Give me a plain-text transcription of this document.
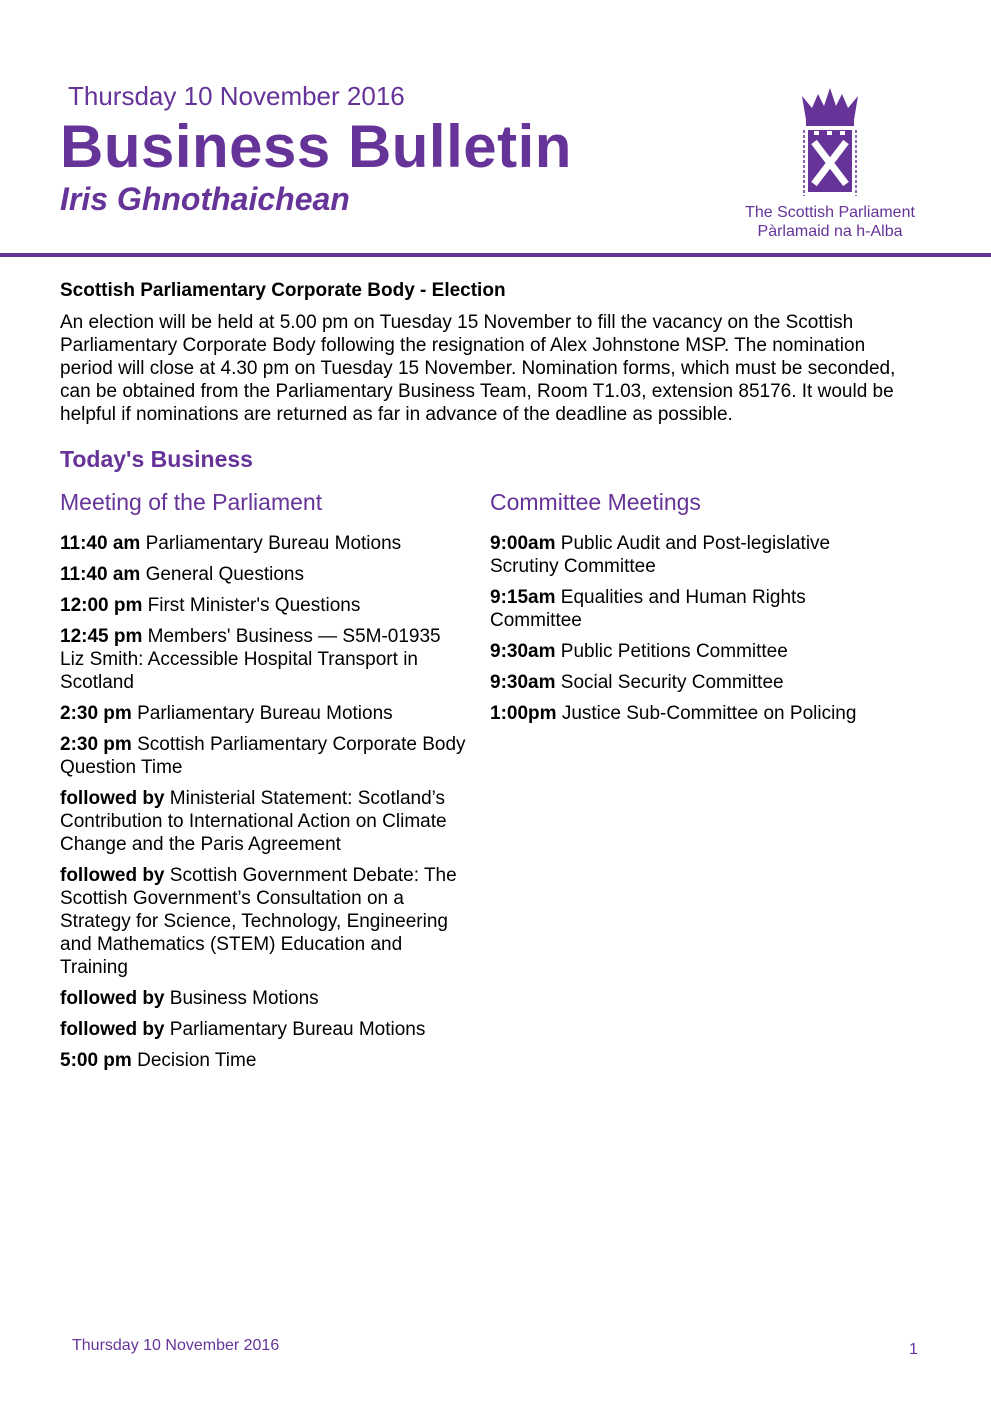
Thursday 10 November 2016
Business Bulletin
Iris Ghnothaichean	The Scottish Parliament
Pàrlamaid na h-Alba
Scottish Parliamentary Corporate Body - Election

An election will be held at 5.00 pm on Tuesday 15 November to fill the vacancy on the Scottish Parliamentary Corporate Body following the resignation of Alex Johnstone MSP. The nomination period will close at 4.30 pm on Tuesday 15 November. Nomination forms, which must be seconded, can be obtained from the Parliamentary Business Team, Room T1.03, extension 85176. It would be helpful if nominations are returned as far in advance of the deadline as possible.

Today's Business
Meeting of the Parliament
11:40 am Parliamentary Bureau Motions
11:40 am General Questions
12:00 pm First Minister's Questions
12:45 pm Members' Business — S5M-01935 Liz Smith: Accessible Hospital Transport in Scotland
2:30 pm Parliamentary Bureau Motions
2:30 pm Scottish Parliamentary Corporate Body Question Time
followed by Ministerial Statement: Scotland’s Contribution to International Action on Climate Change and the Paris Agreement
followed by Scottish Government Debate: The Scottish Government’s Consultation on a Strategy for Science, Technology, Engineering and Mathematics (STEM) Education and Training
followed by Business Motions
followed by Parliamentary Bureau Motions
5:00 pm Decision Time
Committee Meetings
9:00am Public Audit and Post-legislative Scrutiny Committee
9:15am Equalities and Human Rights Committee
9:30am Public Petitions Committee
9:30am Social Security Committee
1:00pm Justice Sub-Committee on Policing
Thursday 10 November 2016	1
